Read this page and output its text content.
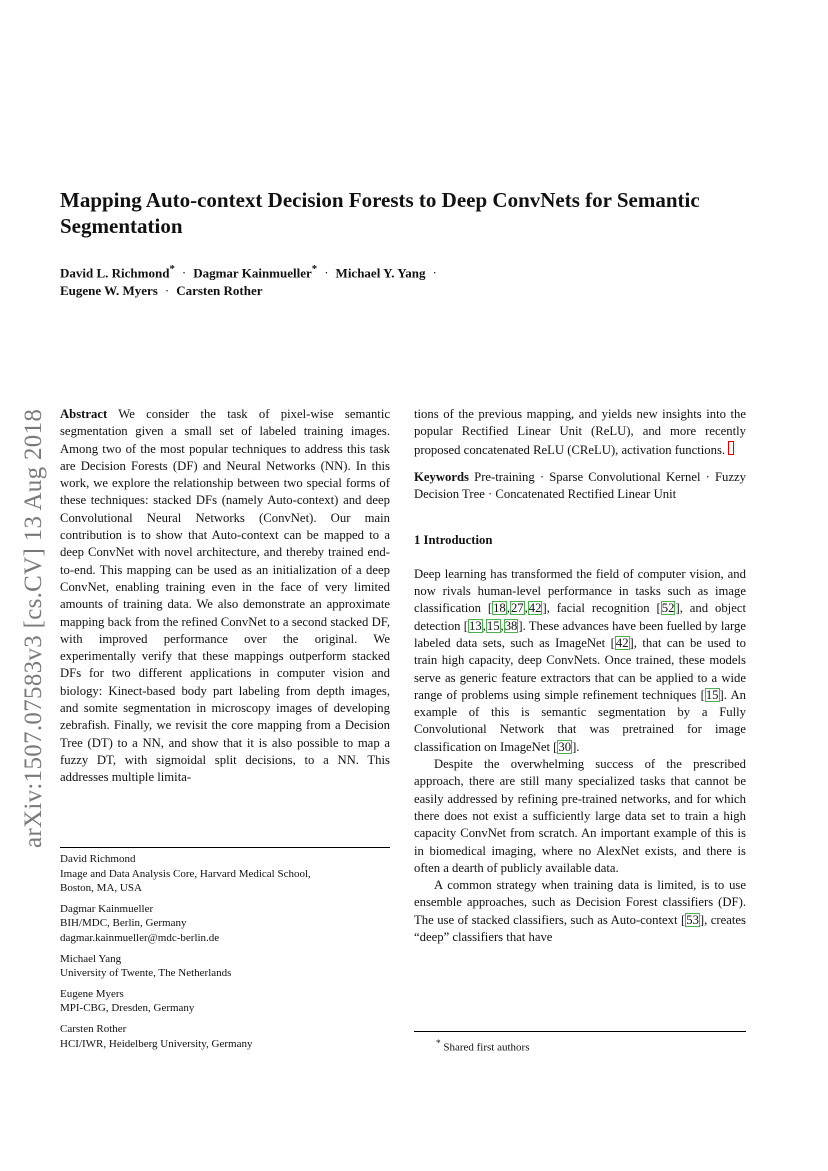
arXiv:1507.07583v3 [cs.CV] 13 Aug 2018
Mapping Auto-context Decision Forests to Deep ConvNets for Semantic Segmentation
David L. Richmond* · Dagmar Kainmueller* · Michael Y. Yang ·
Eugene W. Myers · Carsten Rother

Abstract We consider the task of pixel-wise semantic segmentation given a small set of labeled training images. Among two of the most popular techniques to address this task are Decision Forests (DF) and Neural Networks (NN). In this work, we explore the relationship between two special forms of these techniques: stacked DFs (namely Auto-context) and deep Convolutional Neural Networks (ConvNet). Our main contribution is to show that Auto-context can be mapped to a deep ConvNet with novel architecture, and thereby trained end-to-end. This mapping can be used as an initialization of a deep ConvNet, enabling training even in the face of very limited amounts of training data. We also demonstrate an approximate mapping back from the refined ConvNet to a second stacked DF, with improved performance over the original. We experimentally verify that these mappings outperform stacked DFs for two different applications in computer vision and biology: Kinect-based body part labeling from depth images, and somite segmentation in microscopy images of developing zebrafish. Finally, we revisit the core mapping from a Decision Tree (DT) to a NN, and show that it is also possible to map a fuzzy DT, with sigmoidal split decisions, to a NN. This addresses multiple limita-

tions of the previous mapping, and yields new insights into the popular Rectified Linear Unit (ReLU), and more recently proposed concatenated ReLU (CReLU), activation functions.

Keywords Pre-training · Sparse Convolutional Kernel · Fuzzy Decision Tree · Concatenated Rectified Linear Unit

1 Introduction

Deep learning has transformed the field of computer vision, and now rivals human-level performance in tasks such as image classification [18,27,42], facial recognition [52], and object detection [13,15,38]. These advances have been fuelled by large labeled data sets, such as ImageNet [42], that can be used to train high capacity, deep ConvNets. Once trained, these models serve as generic feature extractors that can be applied to a wide range of problems using simple refinement techniques [15]. An example of this is semantic segmentation by a Fully Convolutional Network that was pretrained for image classification on ImageNet [30].

Despite the overwhelming success of the prescribed approach, there are still many specialized tasks that cannot be easily addressed by refining pre-trained networks, and for which there does not exist a sufficiently large data set to train a high capacity ConvNet from scratch. An important example of this is in biomedical imaging, where no AlexNet exists, and there is often a dearth of publicly available data.

A common strategy when training data is limited, is to use ensemble approaches, such as Decision Forest classifiers (DF). The use of stacked classifiers, such as Auto-context [53], creates “deep” classifiers that have

David Richmond
Image and Data Analysis Core, Harvard Medical School,
Boston, MA, USA
Dagmar Kainmueller
BIH/MDC, Berlin, Germany
dagmar.kainmueller@mdc-berlin.de
Michael Yang
University of Twente, The Netherlands
Eugene Myers
MPI-CBG, Dresden, Germany
Carsten Rother
HCI/IWR, Heidelberg University, Germany	* Shared first authors
